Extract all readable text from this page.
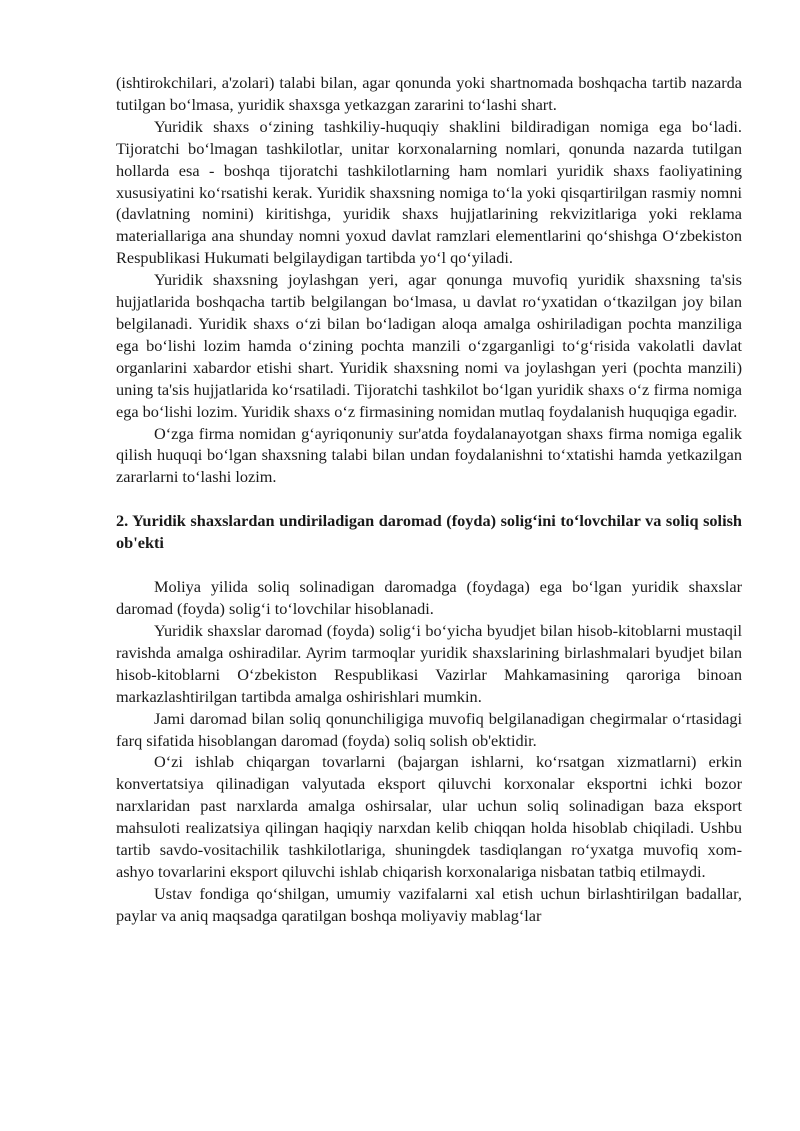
(ishtirokchilari, a'zolari) talabi bilan, agar qonunda yoki shartnomada boshqacha tartib nazarda tutilgan bo‘lmasa, yuridik shaxsga yetkazgan zararini to‘lashi shart.

Yuridik shaxs o‘zining tashkiliy-huquqiy shaklini bildiradigan nomiga ega bo‘ladi. Tijoratchi bo‘lmagan tashkilotlar, unitar korxonalarning nomlari, qonunda nazarda tutilgan hollarda esa - boshqa tijoratchi tashkilotlarning ham nomlari yuridik shaxs faoliyatining xususiyatini ko‘rsatishi kerak. Yuridik shaxsning nomiga to‘la yoki qisqartirilgan rasmiy nomni (davlatning nomini) kiritishga, yuridik shaxs hujjatlarining rekvizitlariga yoki reklama materiallariga ana shunday nomni yoxud davlat ramzlari elementlarini qo‘shishga O‘zbekiston Respublikasi Hukumati belgilaydigan tartibda yo‘l qo‘yiladi.

Yuridik shaxsning joylashgan yeri, agar qonunga muvofiq yuridik shaxsning ta'sis hujjatlarida boshqacha tartib belgilangan bo‘lmasa, u davlat ro‘yxatidan o‘tkazilgan joy bilan belgilanadi. Yuridik shaxs o‘zi bilan bo‘ladigan aloqa amalga oshiriladigan pochta manziliga ega bo‘lishi lozim hamda o‘zining pochta manzili o‘zgarganligi to‘g‘risida vakolatli davlat organlarini xabardor etishi shart. Yuridik shaxsning nomi va joylashgan yeri (pochta manzili) uning ta'sis hujjatlarida ko‘rsatiladi. Tijoratchi tashkilot bo‘lgan yuridik shaxs o‘z firma nomiga ega bo‘lishi lozim. Yuridik shaxs o‘z firmasining nomidan mutlaq foydalanish huquqiga egadir.

O‘zga firma nomidan g‘ayriqonuniy sur'atda foydalanayotgan shaxs firma nomiga egalik qilish huquqi bo‘lgan shaxsning talabi bilan undan foydalanishni to‘xtatishi hamda yetkazilgan zararlarni to‘lashi lozim.

2. Yuridik shaxslardan undiriladigan daromad (foyda) solig‘ini to‘lovchilar va soliq solish ob'ekti

Moliya yilida soliq solinadigan daromadga (foydaga) ega bo‘lgan yuridik shaxslar daromad (foyda) solig‘i to‘lovchilar hisoblanadi.

Yuridik shaxslar daromad (foyda) solig‘i bo‘yicha byudjet bilan hisob-kitoblarni mustaqil ravishda amalga oshiradilar. Ayrim tarmoqlar yuridik shaxslarining birlashmalari byudjet bilan hisob-kitoblarni O‘zbekiston Respublikasi Vazirlar Mahkamasining qaroriga binoan markazlashtirilgan tartibda amalga oshirishlari mumkin.

Jami daromad bilan soliq qonunchiligiga muvofiq belgilanadigan chegirmalar o‘rtasidagi farq sifatida hisoblangan daromad (foyda) soliq solish ob'ektidir.

O‘zi ishlab chiqargan tovarlarni (bajargan ishlarni, ko‘rsatgan xizmatlarni) erkin konvertatsiya qilinadigan valyutada eksport qiluvchi korxonalar eksportni ichki bozor narxlaridan past narxlarda amalga oshirsalar, ular uchun soliq solinadigan baza eksport mahsuloti realizatsiya qilingan haqiqiy narxdan kelib chiqqan holda hisoblab chiqiladi. Ushbu tartib savdo-vositachilik tashkilotlariga, shuningdek tasdiqlangan ro‘yxatga muvofiq xom-ashyo tovarlarini eksport qiluvchi ishlab chiqarish korxonalariga nisbatan tatbiq etilmaydi.

Ustav fondiga qo‘shilgan, umumiy vazifalarni xal etish uchun birlashtirilgan badallar, paylar va aniq maqsadga qaratilgan boshqa moliyaviy mablag‘lar
